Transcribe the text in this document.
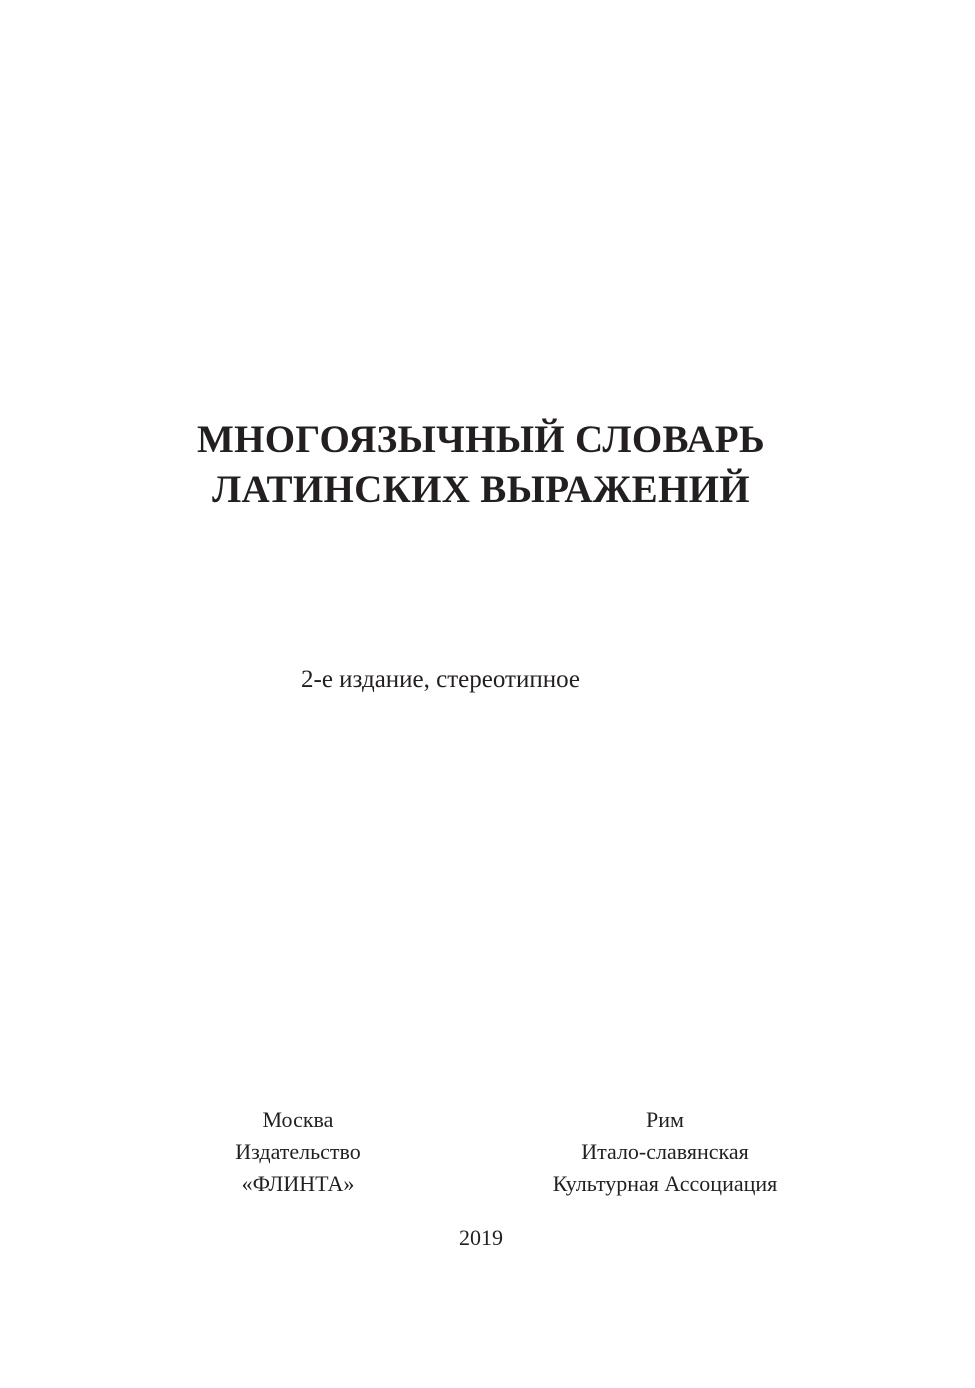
МНОГОЯЗЫЧНЫЙ СЛОВАРЬ
ЛАТИНСКИХ ВЫРАЖЕНИЙ
2-е издание, стереотипное
Москва
Издательство
«ФЛИНТА»
Рим
Итало-славянская
Культурная Ассоциация
2019
